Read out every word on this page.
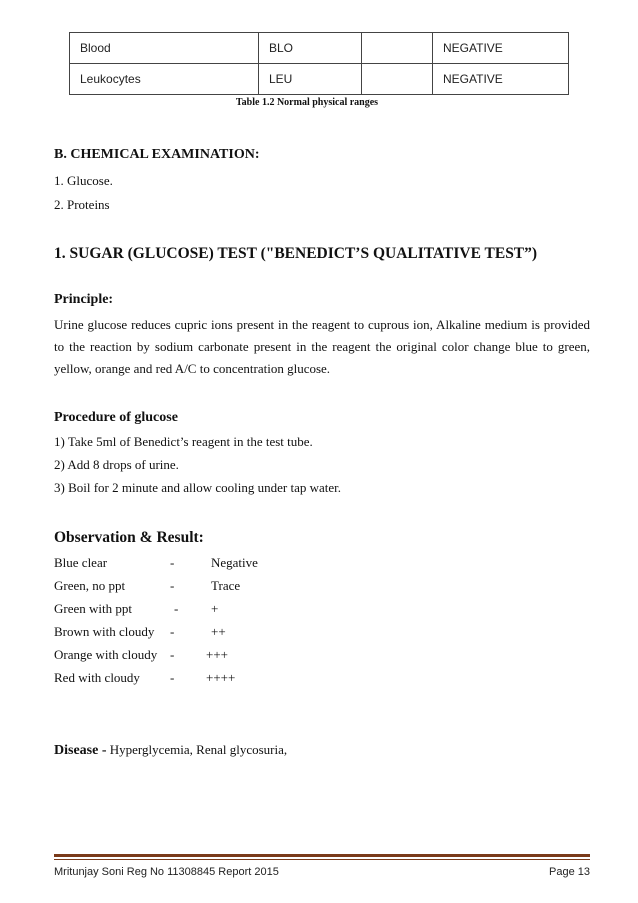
Blood	BLO		NEGATIVE
Leukocytes	LEU		NEGATIVE
Table 1.2 Normal physical ranges
B. CHEMICAL EXAMINATION:
1. Glucose.
2. Proteins
1. SUGAR (GLUCOSE) TEST ("BENEDICT’S QUALITATIVE TEST”)
Principle:
Urine glucose reduces cupric ions present in the reagent to cuprous ion, Alkaline medium is provided to the reaction by sodium carbonate present in the reagent the original color change blue to green, yellow, orange and red A/C to concentration glucose.
Procedure of glucose
1) Take 5ml of Benedict’s reagent in the test tube.
2) Add 8 drops of urine.
3) Boil for 2 minute and allow cooling under tap water.
Observation & Result:
Blue clear	-	Negative
Green, no ppt	-	Trace
Green with ppt	-	+
Brown with cloudy -	++
Orange with cloudy - +++
Red with cloudy - ++++
Disease - Hyperglycemia, Renal glycosuria,
Mritunjay Soni Reg No 11308845 Report 2015	Page 13
